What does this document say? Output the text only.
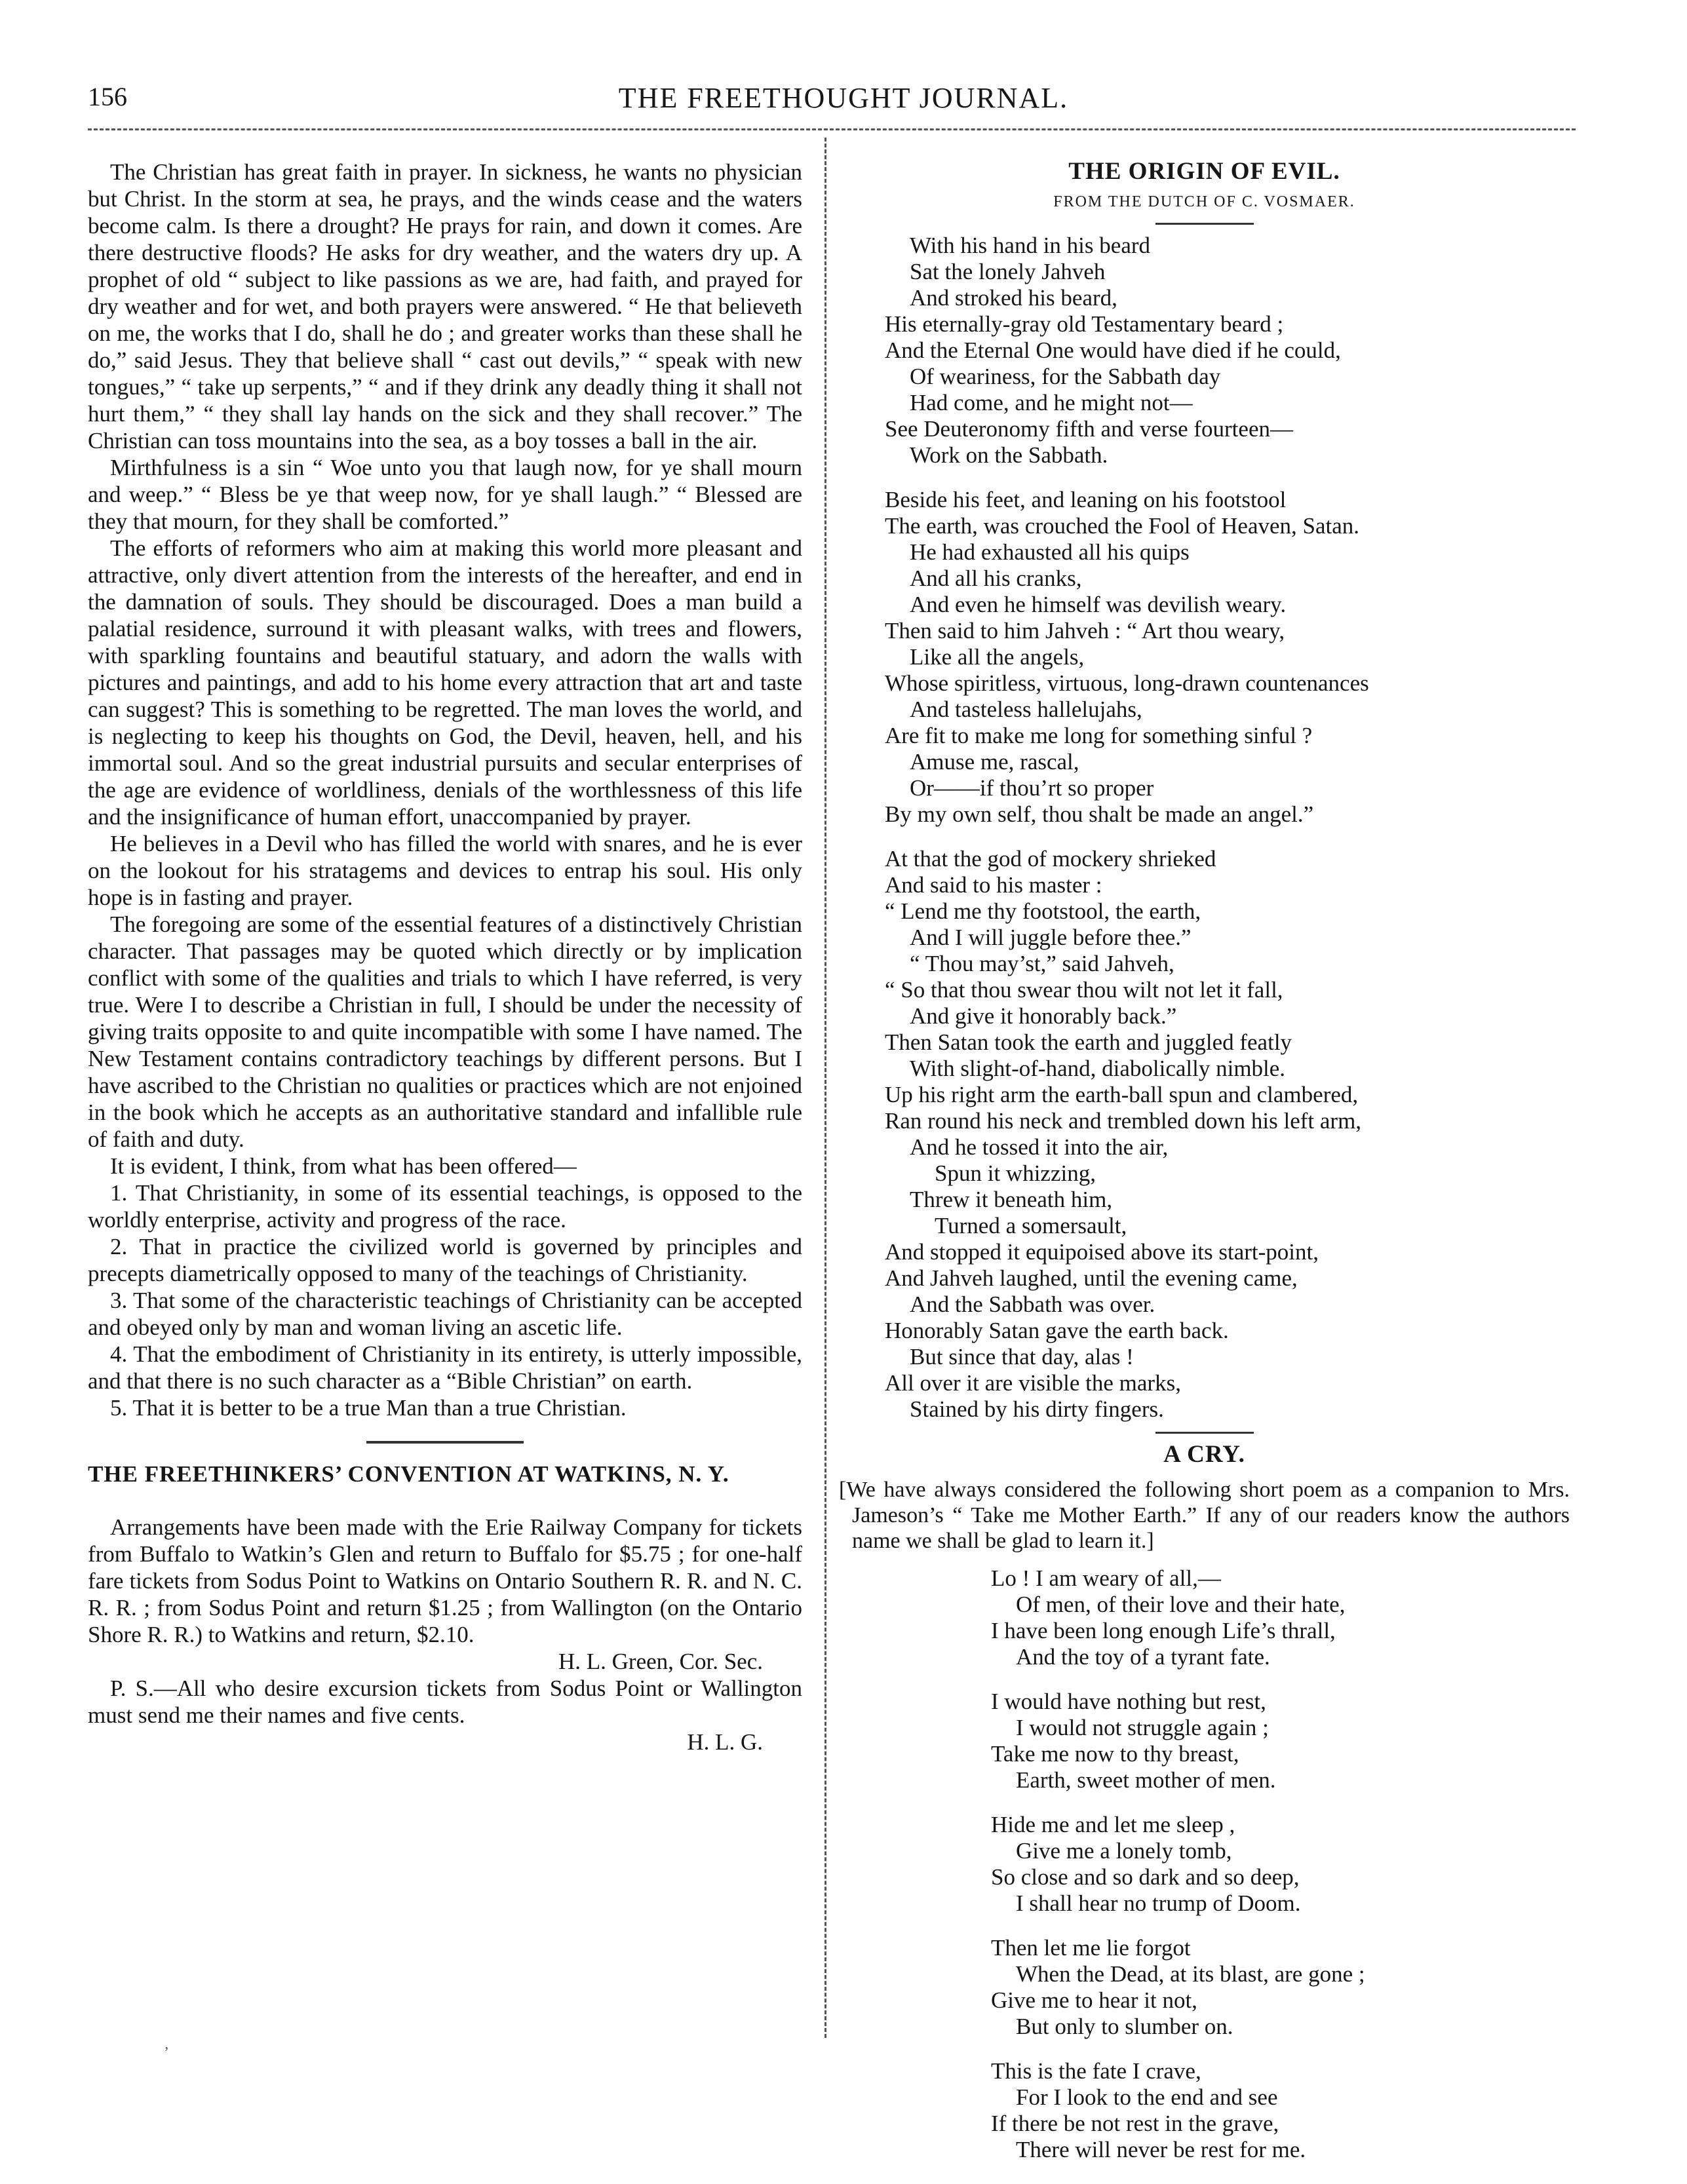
156	THE FREETHOUGHT JOURNAL.

The Christian has great faith in prayer. In sickness, he wants no physician but Christ. In the storm at sea, he prays, and the winds cease and the waters become calm. Is there a drought? He prays for rain, and down it comes. Are there destructive floods? He asks for dry weather, and the waters dry up. A prophet of old “ subject to like passions as we are, had faith, and prayed for dry weather and for wet, and both prayers were answered. “ He that believeth on me, the works that I do, shall he do ; and greater works than these shall he do,” said Jesus. They that believe shall “ cast out devils,” “ speak with new tongues,” “ take up serpents,” “ and if they drink any deadly thing it shall not hurt them,” “ they shall lay hands on the sick and they shall recover.” The Christian can toss mountains into the sea, as a boy tosses a ball in the air.

Mirthfulness is a sin “ Woe unto you that laugh now, for ye shall mourn and weep.” “ Bless be ye that weep now, for ye shall laugh.” “ Blessed are they that mourn, for they shall be comforted.”

The efforts of reformers who aim at making this world more pleasant and attractive, only divert attention from the interests of the hereafter, and end in the damnation of souls. They should be discouraged. Does a man build a palatial residence, surround it with pleasant walks, with trees and flowers, with sparkling fountains and beautiful statuary, and adorn the walls with pictures and paintings, and add to his home every attraction that art and taste can suggest? This is something to be regretted. The man loves the world, and is neglecting to keep his thoughts on God, the Devil, heaven, hell, and his immortal soul. And so the great industrial pursuits and secular enterprises of the age are evidence of worldliness, denials of the worthlessness of this life and the insignificance of human effort, unaccompanied by prayer.

He believes in a Devil who has filled the world with snares, and he is ever on the lookout for his stratagems and devices to entrap his soul. His only hope is in fasting and prayer.

The foregoing are some of the essential features of a distinctively Christian character. That passages may be quoted which directly or by implication conflict with some of the qualities and trials to which I have referred, is very true. Were I to describe a Christian in full, I should be under the necessity of giving traits opposite to and quite incompatible with some I have named. The New Testament contains contradictory teachings by different persons. But I have ascribed to the Christian no qualities or practices which are not enjoined in the book which he accepts as an authoritative standard and infallible rule of faith and duty.

It is evident, I think, from what has been offered—

1. That Christianity, in some of its essential teachings, is opposed to the worldly enterprise, activity and progress of the race.

2. That in practice the civilized world is governed by principles and precepts diametrically opposed to many of the teachings of Christianity.

3. That some of the characteristic teachings of Christianity can be accepted and obeyed only by man and woman living an ascetic life.

4. That the embodiment of Christianity in its entirety, is utterly impossible, and that there is no such character as a “Bible Christian” on earth.

5. That it is better to be a true Man than a true Christian.

THE FREETHINKERS’ CONVENTION AT WATKINS, N. Y.

Arrangements have been made with the Erie Railway Company for tickets from Buffalo to Watkin’s Glen and return to Buffalo for $5.75 ; for one-half fare tickets from Sodus Point to Watkins on Ontario Southern R. R. and N. C. R. R. ; from Sodus Point and return $1.25 ; from Wallington (on the Ontario Shore R. R.) to Watkins and return, $2.10.

H. L. Green, Cor. Sec.

P. S.—All who desire excursion tickets from Sodus Point or Wallington must send me their names and five cents.

H. L. G.
THE ORIGIN OF EVIL.
FROM THE DUTCH OF C. VOSMAER.
With his hand in his beard
Sat the lonely Jahveh
And stroked his beard,
His eternally-gray old Testamentary beard ;
And the Eternal One would have died if he could,
Of weariness, for the Sabbath day
Had come, and he might not—
See Deuteronomy fifth and verse fourteen—
Work on the Sabbath.
Beside his feet, and leaning on his footstool
The earth, was crouched the Fool of Heaven, Satan.
He had exhausted all his quips
And all his cranks,
And even he himself was devilish weary.
Then said to him Jahveh : “ Art thou weary,
Like all the angels,
Whose spiritless, virtuous, long-drawn countenances
And tasteless hallelujahs,
Are fit to make me long for something sinful ?
Amuse me, rascal,
Or——if thou’rt so proper
By my own self, thou shalt be made an angel.”
At that the god of mockery shrieked
And said to his master :
“ Lend me thy footstool, the earth,
And I will juggle before thee.”
“ Thou may’st,” said Jahveh,
“ So that thou swear thou wilt not let it fall,
And give it honorably back.”
Then Satan took the earth and juggled featly
With slight-of-hand, diabolically nimble.
Up his right arm the earth-ball spun and clambered,
Ran round his neck and trembled down his left arm,
And he tossed it into the air,
Spun it whizzing,
Threw it beneath him,
Turned a somersault,
And stopped it equipoised above its start-point,
And Jahveh laughed, until the evening came,
And the Sabbath was over.
Honorably Satan gave the earth back.
But since that day, alas !
All over it are visible the marks,
Stained by his dirty fingers.
A CRY.

[We have always considered the following short poem as a companion to Mrs. Jameson’s “ Take me Mother Earth.” If any of our readers know the authors name we shall be glad to learn it.]

Lo ! I am weary of all,—
Of men, of their love and their hate,
I have been long enough Life’s thrall,
And the toy of a tyrant fate.
I would have nothing but rest,
I would not struggle again ;
Take me now to thy breast,
Earth, sweet mother of men.
Hide me and let me sleep ,
Give me a lonely tomb,
So close and so dark and so deep,
I shall hear no trump of Doom.
Then let me lie forgot
When the Dead, at its blast, are gone ;
Give me to hear it not,
But only to slumber on.
This is the fate I crave,
For I look to the end and see
If there be not rest in the grave,
There will never be rest for me.
’
